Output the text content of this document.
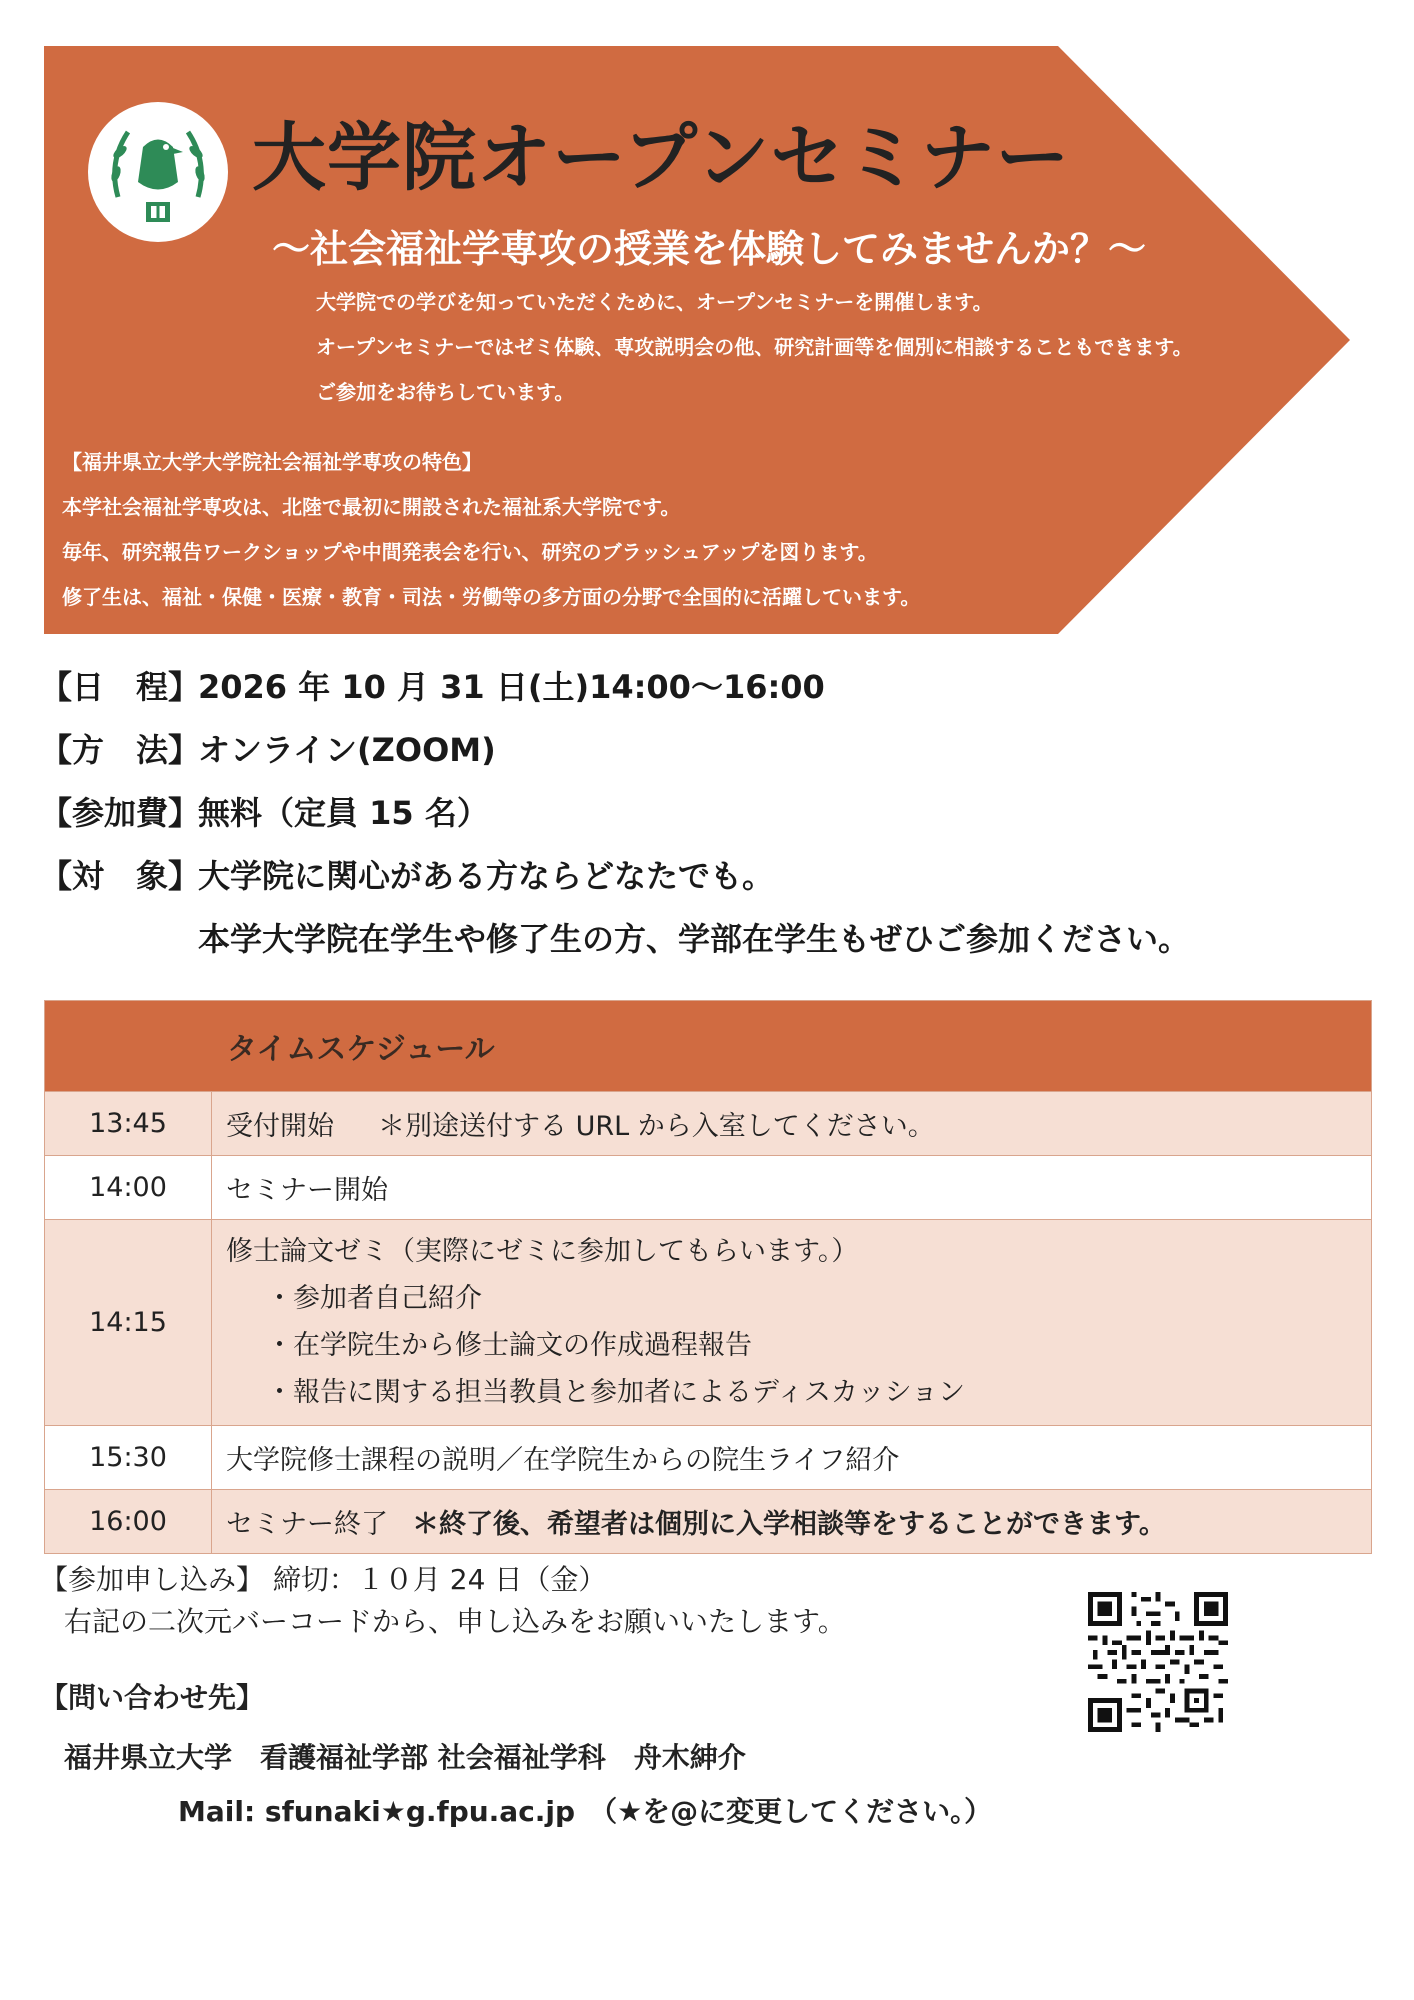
大学院オープンセミナー
～社会福祉学専攻の授業を体験してみませんか？～
大学院での学びを知っていただくために、オープンセミナーを開催します。
オープンセミナーではゼミ体験、専攻説明会の他、研究計画等を個別に相談することもできます。
ご参加をお待ちしています。
【福井県立大学大学院社会福祉学専攻の特色】
本学社会福祉学専攻は、北陸で最初に開設された福祉系大学院です。
毎年、研究報告ワークショップや中間発表会を行い、研究のブラッシュアップを図ります。
修了生は、福祉・保健・医療・教育・司法・労働等の多方面の分野で全国的に活躍しています。
【日　程】
2026 年 10 月 31 日(土)14:00～16:00
【方　法】
オンライン(ZOOM)
【参加費】
無料（定員 15 名）
【対　象】
大学院に関心がある方ならどなたでも。
本学大学院在学生や修了生の方、学部在学生もぜひご参加ください。
タイムスケジュール
13:45	受付開始 ＊別途送付する URL から入室してください。
14:00	セミナー開始
14:15
修士論文ゼミ（実際にゼミに参加してもらいます。）
・参加者自己紹介
・在学院生から修士論文の作成過程報告
・報告に関する担当教員と参加者によるディスカッション
15:30	大学院修士課程の説明／在学院生からの院生ライフ紹介
16:00	セミナー終了 ＊終了後、希望者は個別に入学相談等をすることができます。
【参加申し込み】 締切：１０月 24 日（金）
右記の二次元バーコードから、申し込みをお願いいたします。
【問い合わせ先】
福井県立大学　看護福祉学部 社会福祉学科　舟木紳介
Mail: sfunaki★g.fpu.ac.jp　（★を@に変更してください。）
